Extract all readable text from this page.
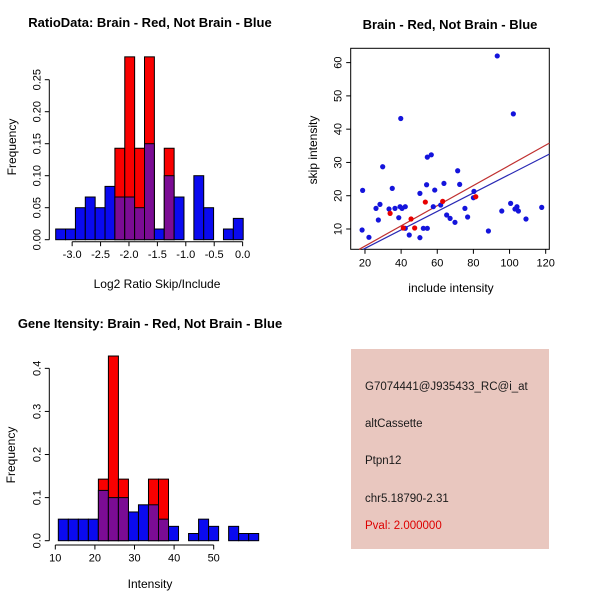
RatioData: Brain - Red, Not Brain - Blue
-3.0 -2.5 -2.0 -1.5 -1.0 -0.5 0.0
0.00
0.05
0.10
0.15
0.20
0.25
Log2 Ratio Skip/Include
Frequency
Brain - Red, Not Brain - Blue
20 40 60 80 100 120
10
20
30
40
50
60
include intensity
skip intensity
Gene Itensity: Brain - Red, Not Brain - Blue
10 20 30 40 50
0.0
0.1
0.2
0.3
0.4
Intensity
Frequency
G7074441@J935433_RC@i_at
altCassette
Ptpn12
chr5.18790-2.31
Pval: 2.000000
